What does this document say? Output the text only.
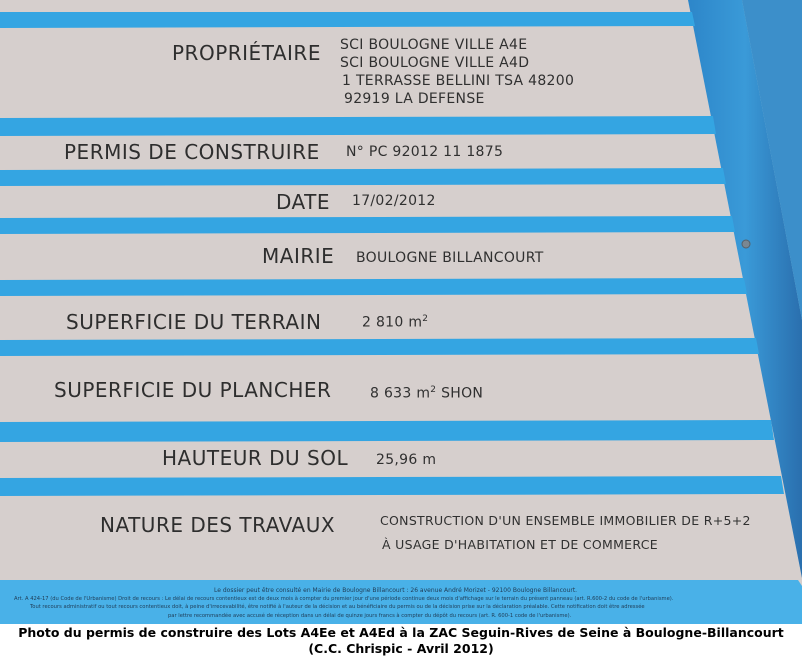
PROPRIÉTAIRE SCI BOULOGNE VILLE A4E
SCI BOULOGNE VILLE A4D
1 TERRASSE BELLINI TSA 48200
92919 LA DEFENSE
PERMIS DE CONSTRUIRE N° PC 92012 11 1875
DATE 17/02/2012
MAIRIE BOULOGNE BILLANCOURT
SUPERFICIE DU TERRAIN	2 810 $m^2$
SUPERFICIE DU PLANCHER	8 633 $m^2$ SHON
HAUTEUR DU SOL 25,96 m
NATURE DES TRAVAUX	CONSTRUCTION D'UN ENSEMBLE IMMOBILIER DE R+5+2
À USAGE D'HABITATION ET DE COMMERCE
Le dossier peut être consulté en Mairie de Boulogne Billancourt : 26 avenue André Morizet - 92100 Boulogne Billancourt.
Art. A 424-17 (du Code de l'Urbanisme) Droit de recours : Le délai de recours contentieux est de deux mois à compter du premier jour d'une période continue deux mois d'affichage sur le terrain du présent panneau (art. R.600-2 du code de l'urbanisme).
Tout recours administratif ou tout recours contentieux doit, à peine d'irrecevabilité, être notifié à l'auteur de la décision et au bénéficiaire du permis ou de la décision prise sur la déclaration préalable. Cette notification doit être adressée
par lettre recommandée avec accusé de réception dans un délai de quinze jours francs à compter du dépôt du recours (art. R. 600-1 code de l'urbanisme).
Photo du permis de construire des Lots A4Ee et A4Ed à la ZAC Seguin-Rives de Seine à Boulogne-Billancourt
(C.C. Chrispic - Avril 2012)
